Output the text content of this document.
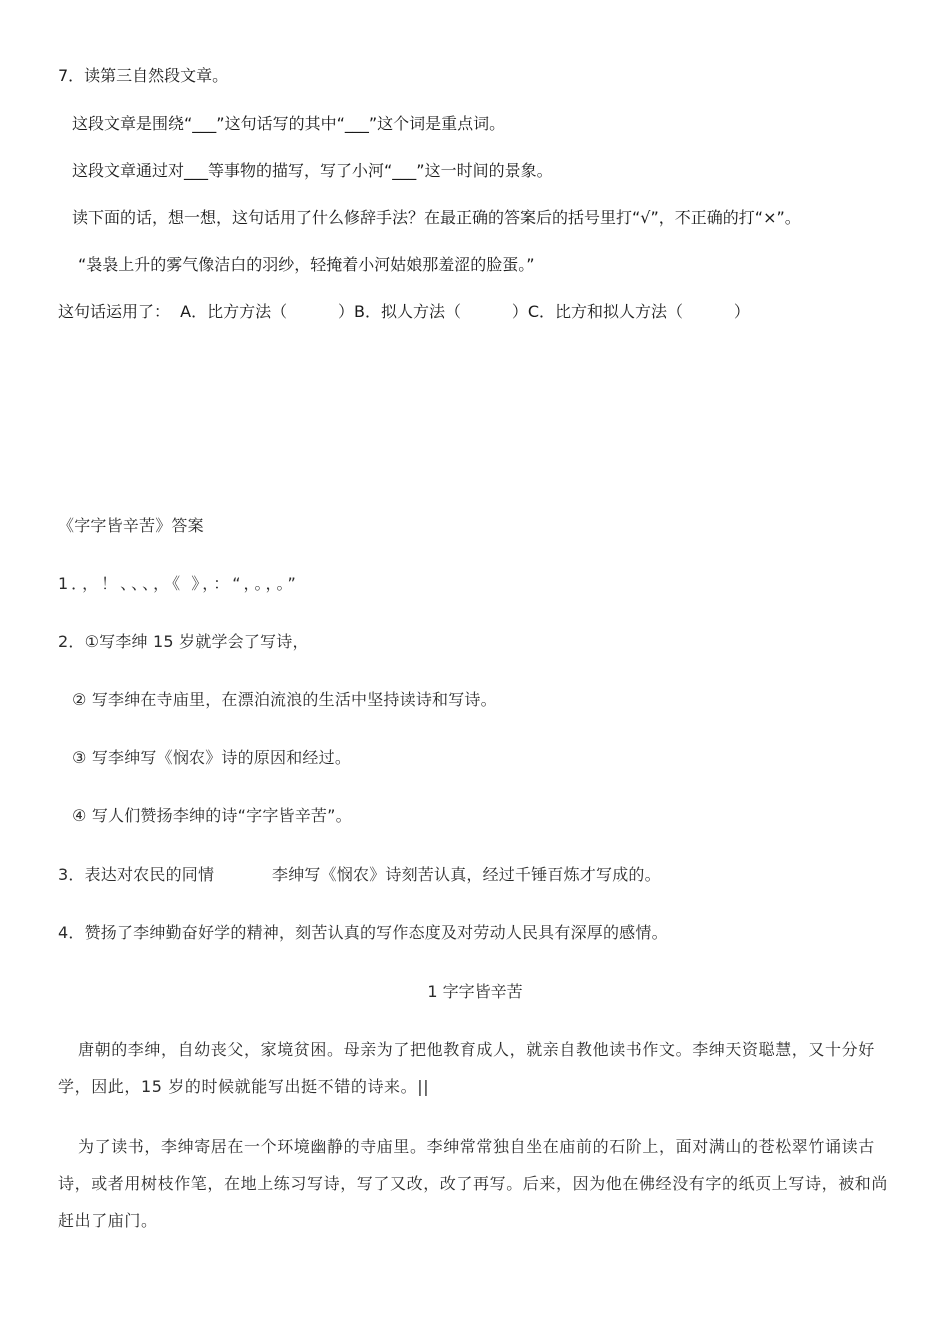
7．读第三自然段文章。
这段文章是围绕“___”这句话写的其中“___”这个词是重点词。
这段文章通过对___等事物的描写，写了小河“___”这一时间的景象。
读下面的话，想一想，这句话用了什么修辞手法？在最正确的答案后的括号里打“√”，不正确的打“×”。
“袅袅上升的雾气像洁白的羽纱，轻掩着小河姑娘那羞涩的脸蛋。”
这句话运用了：  A．比方方法（          ）B．拟人方法（          ）C．比方和拟人方法（          ）
《字字皆辛苦》答案
1．，！、、、，《 》，：“，。，。”
2．①写李绅 15 岁就学会了写诗，
② 写李绅在寺庙里，在漂泊流浪的生活中坚持读诗和写诗。
③ 写李绅写《悯农》诗的原因和经过。
④ 写人们赞扬李绅的诗“字字皆辛苦”。
3．表达对农民的同情	李绅写《悯农》诗刻苦认真，经过千锤百炼才写成的。
4．赞扬了李绅勤奋好学的精神，刻苦认真的写作态度及对劳动人民具有深厚的感情。
1 字字皆辛苦

唐朝的李绅，自幼丧父，家境贫困。母亲为了把他教育成人，就亲自教他读书作文。李绅天资聪慧，又十分好学，因此，15 岁的时候就能写出挺不错的诗来。||

为了读书，李绅寄居在一个环境幽静的寺庙里。李绅常常独自坐在庙前的石阶上，面对满山的苍松翠竹诵读古诗，或者用树枝作笔，在地上练习写诗，写了又改，改了再写。后来，因为他在佛经没有字的纸页上写诗，被和尚赶出了庙门。
